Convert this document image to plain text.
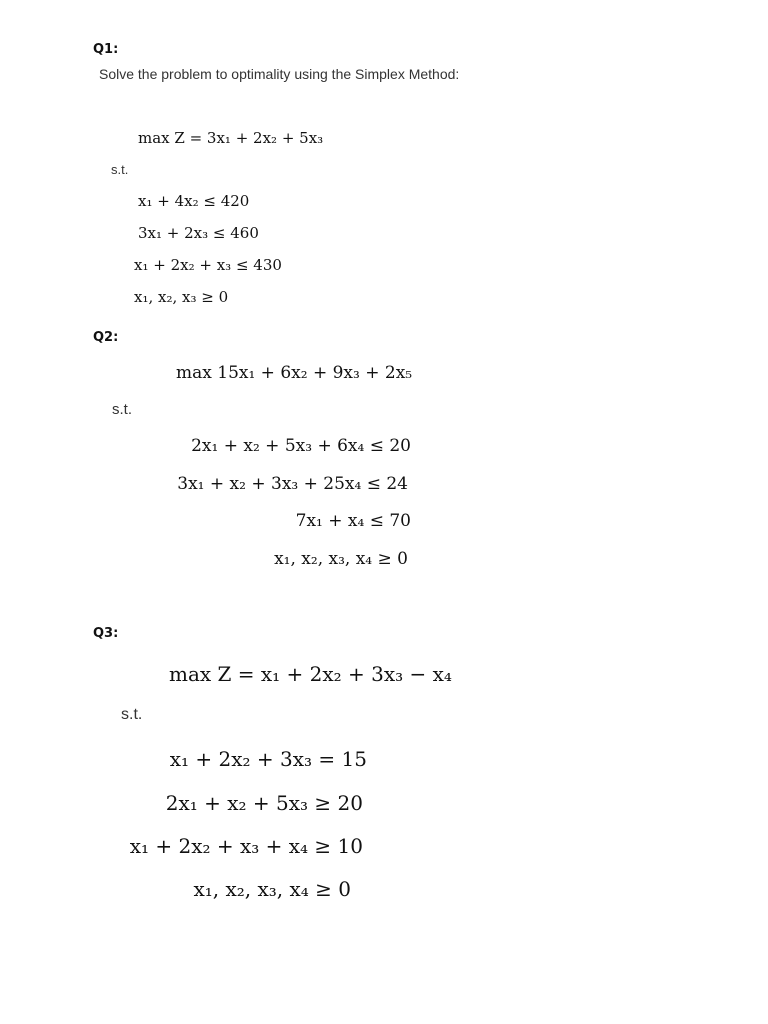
Q1:
Solve the problem to optimality using the Simplex Method:
max Z = 3x₁ + 2x₂ + 5x₃
s.t.
x₁ + 4x₂ ≤ 420
3x₁ + 2x₃ ≤ 460
x₁ + 2x₂ + x₃ ≤ 430
x₁, x₂, x₃ ≥ 0
Q2:
max 15x₁ + 6x₂ + 9x₃ + 2x₅
s.t.
2x₁ + x₂ + 5x₃ + 6x₄ ≤ 20
3x₁ + x₂ + 3x₃ + 25x₄ ≤ 24
7x₁ + x₄ ≤ 70
x₁, x₂, x₃, x₄ ≥ 0
Q3:
max Z = x₁ + 2x₂ + 3x₃ − x₄
s.t.
x₁ + 2x₂ + 3x₃ = 15
2x₁ + x₂ + 5x₃ ≥ 20
x₁ + 2x₂ + x₃ + x₄ ≥ 10
x₁, x₂, x₃, x₄ ≥ 0
